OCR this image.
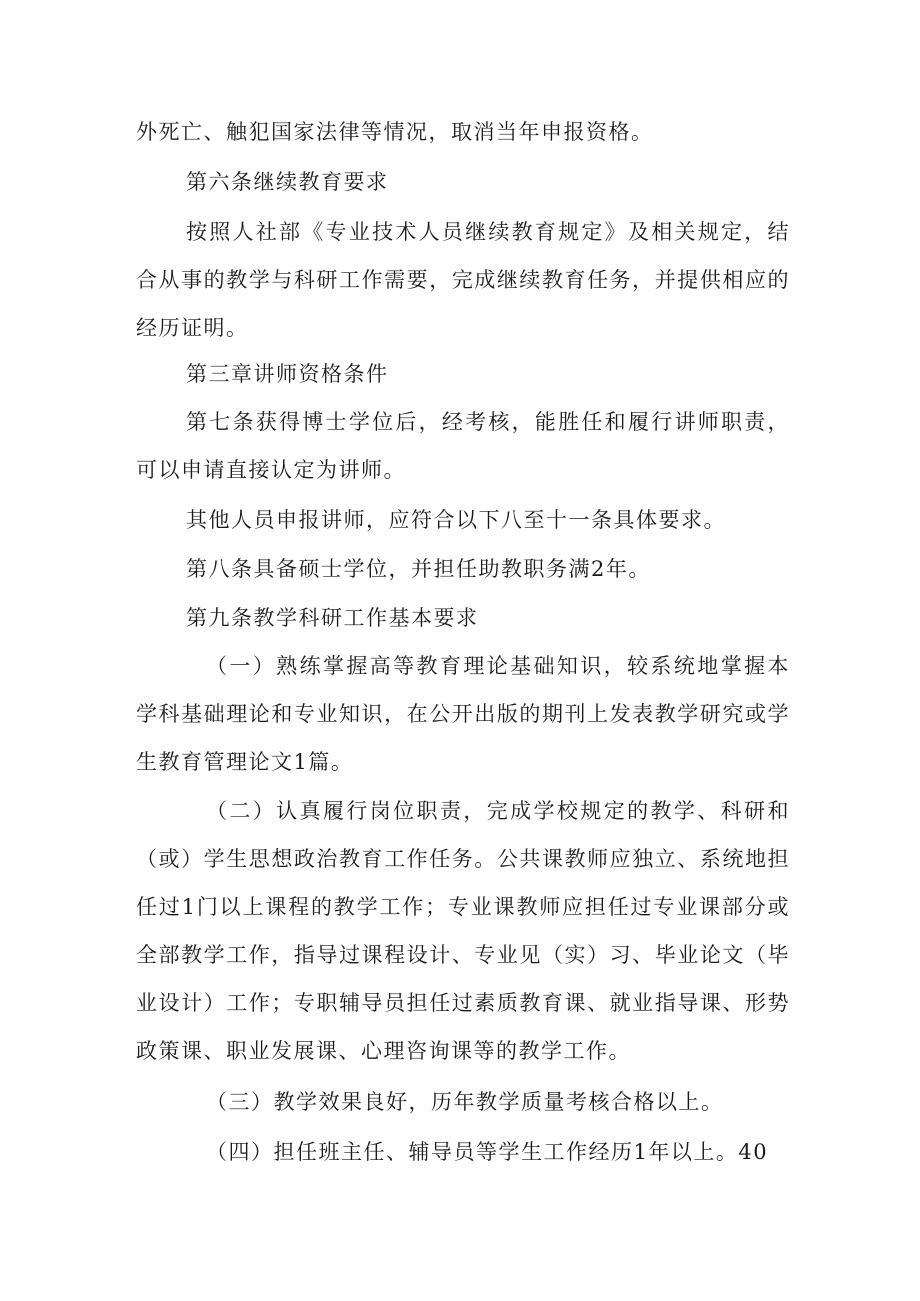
外死亡、触犯国家法律等情况，取消当年申报资格。

第六条继续教育要求

按照人社部《专业技术人员继续教育规定》及相关规定，结合从事的教学与科研工作需要，完成继续教育任务，并提供相应的经历证明。

第三章讲师资格条件

第七条获得博士学位后，经考核，能胜任和履行讲师职责，可以申请直接认定为讲师。

其他人员申报讲师，应符合以下八至十一条具体要求。

第八条具备硕士学位，并担任助教职务满2年。

第九条教学科研工作基本要求

（一）熟练掌握高等教育理论基础知识，较系统地掌握本学科基础理论和专业知识，在公开出版的期刊上发表教学研究或学生教育管理论文1篇。

（二）认真履行岗位职责，完成学校规定的教学、科研和（或）学生思想政治教育工作任务。公共课教师应独立、系统地担任过1门以上课程的教学工作；专业课教师应担任过专业课部分或全部教学工作，指导过课程设计、专业见（实）习、毕业论文（毕业设计）工作；专职辅导员担任过素质教育课、就业指导课、形势政策课、职业发展课、心理咨询课等的教学工作。

（三）教学效果良好，历年教学质量考核合格以上。

（四）担任班主任、辅导员等学生工作经历1年以上。40
